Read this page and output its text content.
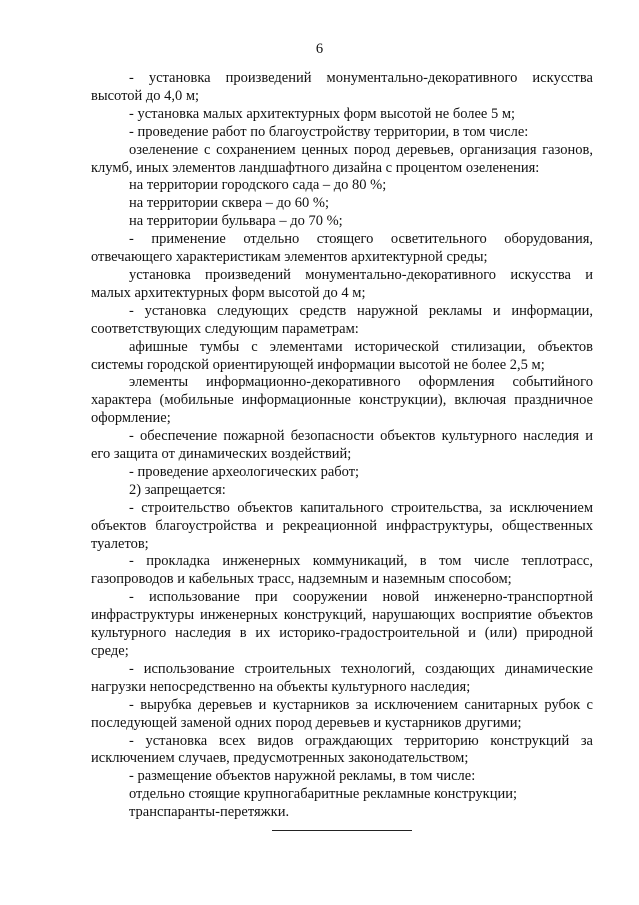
6

- установка произведений монументально-декоративного искусства высотой до 4,0 м;

- установка малых архитектурных форм высотой не более 5 м;

- проведение работ по благоустройству территории, в том числе:

озеленение с сохранением ценных пород деревьев, организация газонов, клумб, иных элементов ландшафтного дизайна с процентом озеленения:

на территории городского сада – до 80 %;

на территории сквера – до 60 %;

на территории бульвара – до 70 %;

- применение отдельно стоящего осветительного оборудования, отвечающего характеристикам элементов архитектурной среды;

установка произведений монументально-декоративного искусства и малых архитектурных форм высотой до 4 м;

- установка следующих средств наружной рекламы и информации, соответствующих следующим параметрам:

афишные тумбы с элементами исторической стилизации, объектов системы городской ориентирующей информации высотой не более 2,5 м;

элементы информационно-декоративного оформления событийного характера (мобильные информационные конструкции), включая праздничное оформление;

- обеспечение пожарной безопасности объектов культурного наследия и его защита от динамических воздействий;

- проведение археологических работ;

2) запрещается:

- строительство объектов капитального строительства, за исключением объектов благоустройства и рекреационной инфраструктуры, общественных туалетов;

- прокладка инженерных коммуникаций, в том числе теплотрасс, газопроводов и кабельных трасс, надземным и наземным способом;

- использование при сооружении новой инженерно-транспортной инфраструктуры инженерных конструкций, нарушающих восприятие объектов культурного наследия в их историко-градостроительной и (или) природной среде;

- использование строительных технологий, создающих динамические нагрузки непосредственно на объекты культурного наследия;

- вырубка деревьев и кустарников за исключением санитарных рубок с последующей заменой одних пород деревьев и кустарников другими;

- установка всех видов ограждающих территорию конструкций за исключением случаев, предусмотренных законодательством;

- размещение объектов наружной рекламы, в том числе:

отдельно стоящие крупногабаритные рекламные конструкции;

транспаранты-перетяжки.
